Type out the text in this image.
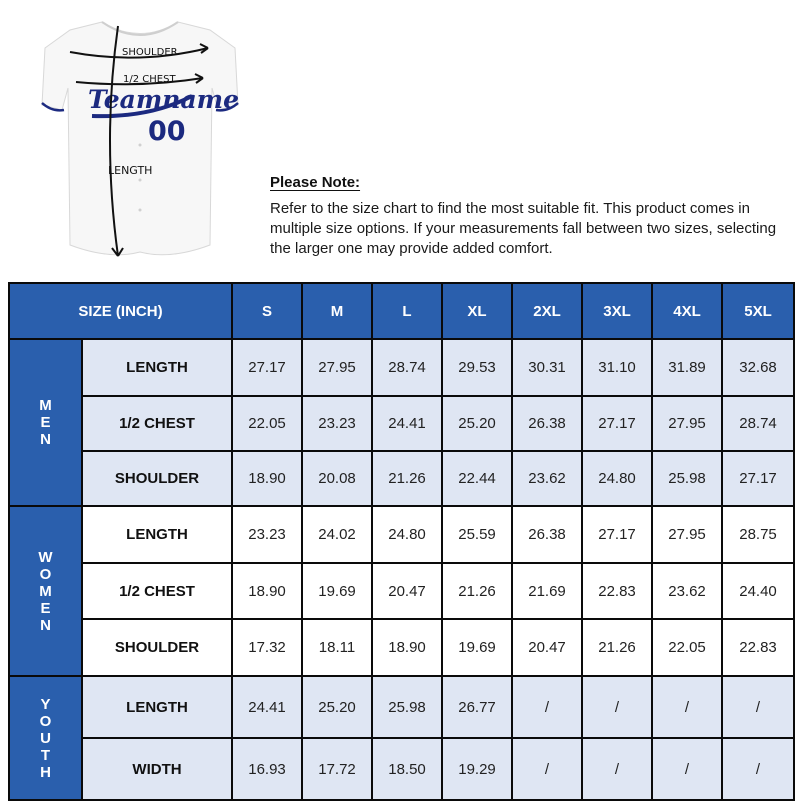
Teamname
00
SHOULDER
1/2 CHEST
LENGTH
Please Note:
Refer to the size chart to find the most suitable fit. This product comes in multiple size options. If your measurements fall between two sizes, selecting the larger one may provide added comfort.
SIZE (INCH)		S	M	L	XL	2XL	3XL	4XL	5XL

M
E
N	LENGTH	27.17	27.95	28.74	29.53	30.31	31.10	31.89	32.68
	1/2 CHEST	22.05	23.23	24.41	25.20	26.38	27.17	27.95	28.74
	SHOULDER	18.90	20.08	21.26	22.44	23.62	24.80	25.98	27.17

W
O
M
E
N	LENGTH	23.23	24.02	24.80	25.59	26.38	27.17	27.95	28.75
	1/2 CHEST	18.90	19.69	20.47	21.26	21.69	22.83	23.62	24.40
	SHOULDER	17.32	18.11	18.90	19.69	20.47	21.26	22.05	22.83

Y
O
U
T
H	LENGTH	24.41	25.20	25.98	26.77	/	/	/	/
	WIDTH	16.93	17.72	18.50	19.29	/	/	/	/
